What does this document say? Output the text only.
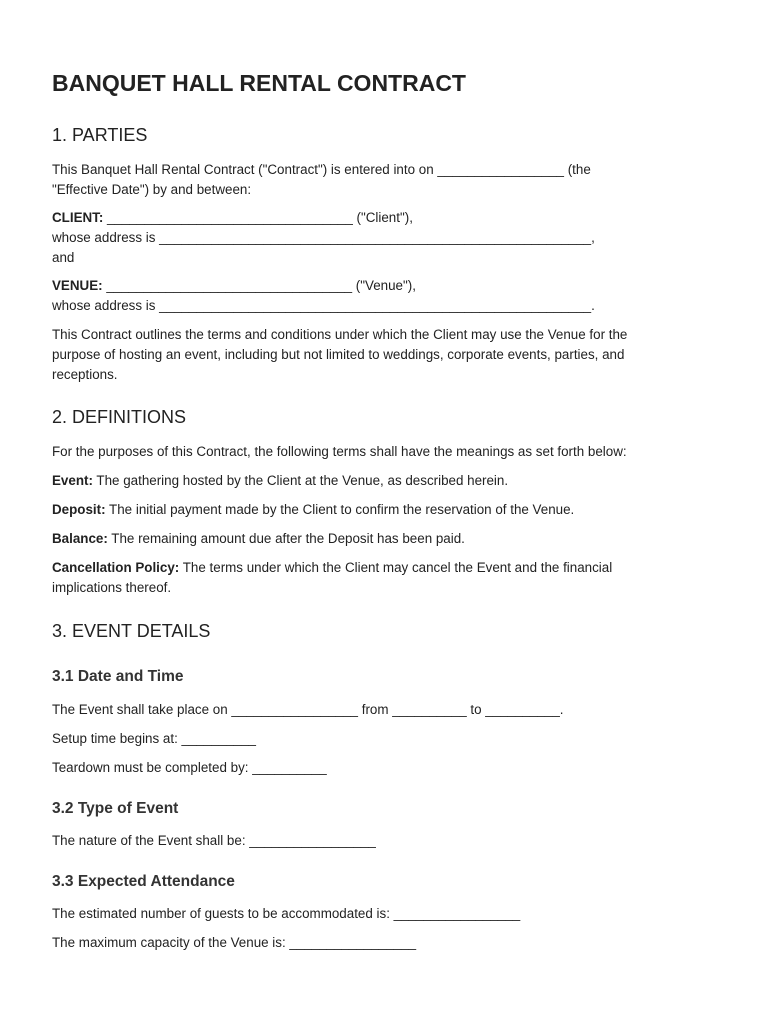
BANQUET HALL RENTAL CONTRACT
1. PARTIES

This Banquet Hall Rental Contract ("Contract") is entered into on _________________ (the
"Effective Date") by and between:

CLIENT: _________________________________ ("Client"),
whose address is __________________________________________________________,
and

VENUE: _________________________________ ("Venue"),
whose address is __________________________________________________________.

This Contract outlines the terms and conditions under which the Client may use the Venue for the
purpose of hosting an event, including but not limited to weddings, corporate events, parties, and
receptions.

2. DEFINITIONS

For the purposes of this Contract, the following terms shall have the meanings as set forth below:

Event: The gathering hosted by the Client at the Venue, as described herein.

Deposit: The initial payment made by the Client to confirm the reservation of the Venue.

Balance: The remaining amount due after the Deposit has been paid.

Cancellation Policy: The terms under which the Client may cancel the Event and the financial
implications thereof.

3. EVENT DETAILS
3.1 Date and Time

The Event shall take place on _________________ from __________ to __________.

Setup time begins at: __________

Teardown must be completed by: __________

3.2 Type of Event

The nature of the Event shall be: _________________

3.3 Expected Attendance

The estimated number of guests to be accommodated is: _________________

The maximum capacity of the Venue is: _________________
